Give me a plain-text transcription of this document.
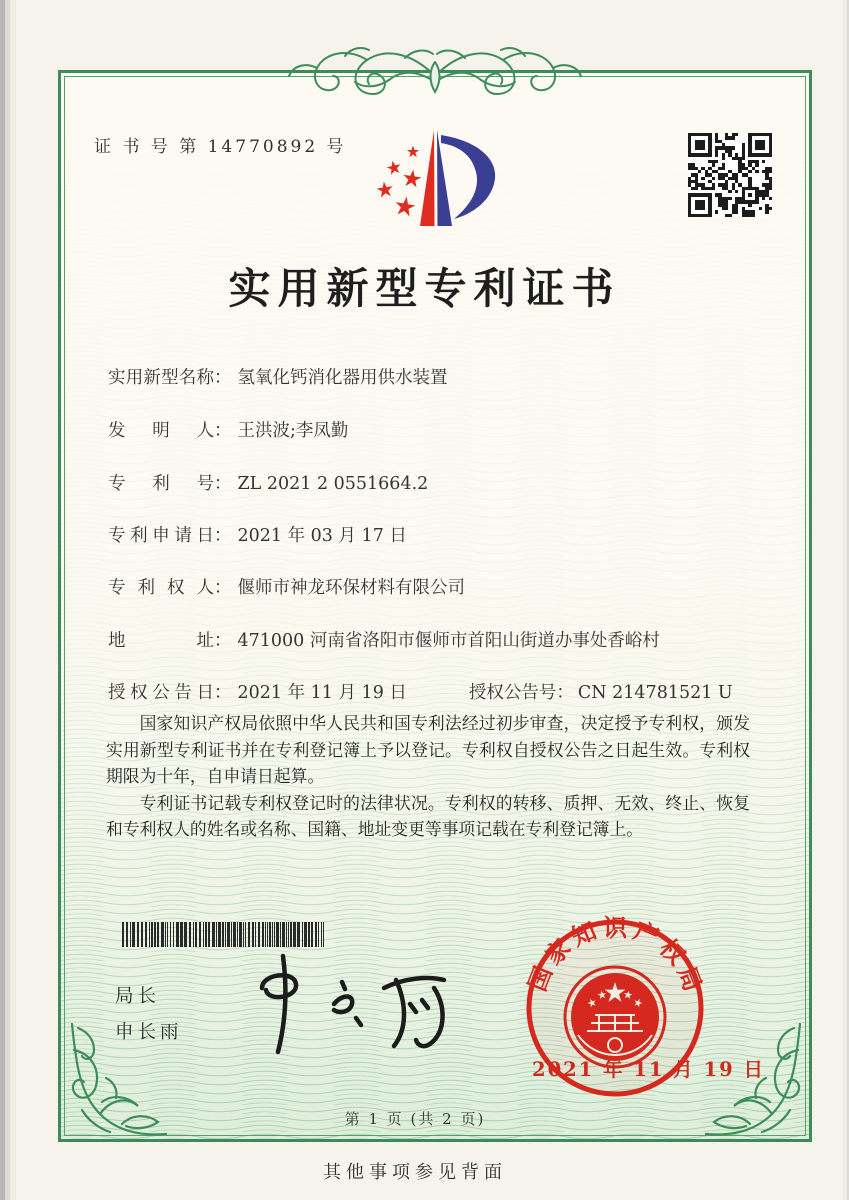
证 书 号 第 14770892 号
实用新型专利证书
实用新型名称： 氢氧化钙消化器用供水装置
发明人： 王洪波;李凤勤
专利号： ZL 2021 2 0551664.2
专利申请日： 2021 年 03 月 17 日
专利权人： 偃师市神龙环保材料有限公司
地址： 471000 河南省洛阳市偃师市首阳山街道办事处香峪村
授权公告日： 2021 年 11 月 19 日	授权公告号： CN 214781521 U

国家知识产权局依照中华人民共和国专利法经过初步审查，决定授予专利权，颁发实用新型专利证书并在专利登记簿上予以登记。专利权自授权公告之日起生效。专利权期限为十年，自申请日起算。

专利证书记载专利权登记时的法律状况。专利权的转移、质押、无效、终止、恢复和专利权人的姓名或名称、国籍、地址变更等事项记载在专利登记簿上。

局长
申长雨
国家知识产权局
2021 年 11 月 19 日
第 1 页 (共 2 页)
其他事项参见背面
